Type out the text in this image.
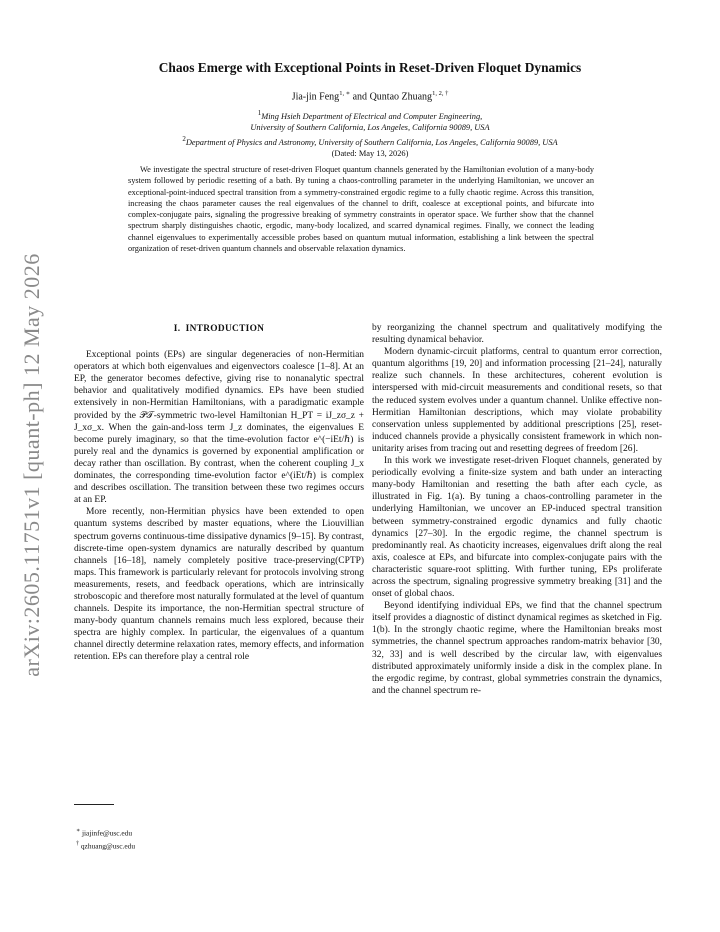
arXiv:2605.11751v1 [quant-ph] 12 May 2026
Chaos Emerge with Exceptional Points in Reset-Driven Floquet Dynamics
Jia-jin Feng$^{1, ∗}$ and Quntao Zhuang$^{1, 2, \dagger}$
$^1$Ming Hsieh Department of Electrical and Computer Engineering,
University of Southern California, Los Angeles, California 90089, USA
$^2$Department of Physics and Astronomy, University of Southern California, Los Angeles, California 90089, USA
(Dated: May 13, 2026)

We investigate the spectral structure of reset-driven Floquet quantum channels generated by the Hamiltonian evolution of a many-body system followed by periodic resetting of a bath. By tuning a chaos-controlling parameter in the underlying Hamiltonian, we uncover an exceptional-point-induced spectral transition from a symmetry-constrained ergodic regime to a fully chaotic regime. Across this transition, increasing the chaos parameter causes the real eigenvalues of the channel to drift, coalesce at exceptional points, and bifurcate into complex-conjugate pairs, signaling the progressive breaking of symmetry constraints in operator space. We further show that the channel spectrum sharply distinguishes chaotic, ergodic, many-body localized, and scarred dynamical regimes. Finally, we connect the leading channel eigenvalues to experimentally accessible probes based on quantum mutual information, establishing a link between the spectral organization of reset-driven quantum channels and observable relaxation dynamics.

I. INTRODUCTION

Exceptional points (EPs) are singular degeneracies of non-Hermitian operators at which both eigenvalues and eigenvectors coalesce [1–8]. At an EP, the generator becomes defective, giving rise to nonanalytic spectral behavior and qualitatively modified dynamics. EPs have been studied extensively in non-Hermitian Hamiltonians, with a paradigmatic example provided by the 𝒫𝒯-symmetric two-level Hamiltonian H_PT = iJ_zσ_z + J_xσ_x. When the gain-and-loss term J_z dominates, the eigenvalues E become purely imaginary, so that the time-evolution factor e^(−iEt/ℏ) is purely real and the dynamics is governed by exponential amplification or decay rather than oscillation. By contrast, when the coherent coupling J_x dominates, the corresponding time-evolution factor e^(iEt/ℏ) is complex and describes oscillation. The transition between these two regimes occurs at an EP.

More recently, non-Hermitian physics have been extended to open quantum systems described by master equations, where the Liouvillian spectrum governs continuous-time dissipative dynamics [9–15]. By contrast, discrete-time open-system dynamics are naturally described by quantum channels [16–18], namely completely positive trace-preserving(CPTP) maps. This framework is particularly relevant for protocols involving strong measurements, resets, and feedback operations, which are intrinsically stroboscopic and therefore most naturally formulated at the level of quantum channels. Despite its importance, the non-Hermitian spectral structure of many-body quantum channels remains much less explored, because their spectra are highly complex. In particular, the eigenvalues of a quantum channel directly determine relaxation rates, memory effects, and information retention. EPs can therefore play a central role

by reorganizing the channel spectrum and qualitatively modifying the resulting dynamical behavior.

Modern dynamic-circuit platforms, central to quantum error correction, quantum algorithms [19, 20] and information processing [21–24], naturally realize such channels. In these architectures, coherent evolution is interspersed with mid-circuit measurements and conditional resets, so that the reduced system evolves under a quantum channel. Unlike effective non-Hermitian Hamiltonian descriptions, which may violate probability conservation unless supplemented by additional prescriptions [25], reset-induced channels provide a physically consistent framework in which non-unitarity arises from tracing out and resetting degrees of freedom [26].

In this work we investigate reset-driven Floquet channels, generated by periodically evolving a finite-size system and bath under an interacting many-body Hamiltonian and resetting the bath after each cycle, as illustrated in Fig. 1(a). By tuning a chaos-controlling parameter in the underlying Hamiltonian, we uncover an EP-induced spectral transition between symmetry-constrained ergodic dynamics and fully chaotic dynamics [27–30]. In the ergodic regime, the channel spectrum is predominantly real. As chaoticity increases, eigenvalues drift along the real axis, coalesce at EPs, and bifurcate into complex-conjugate pairs with the characteristic square-root splitting. With further tuning, EPs proliferate across the spectrum, signaling progressive symmetry breaking [31] and the onset of global chaos.

Beyond identifying individual EPs, we find that the channel spectrum itself provides a diagnostic of distinct dynamical regimes as sketched in Fig. 1(b). In the strongly chaotic regime, where the Hamiltonian breaks most symmetries, the channel spectrum approaches random-matrix behavior [30, 32, 33] and is well described by the circular law, with eigenvalues distributed approximately uniformly inside a disk in the complex plane. In the ergodic regime, by contrast, global symmetries constrain the dynamics, and the channel spectrum re-

∗ jiajinfe@usc.edu
† qzhuang@usc.edu
